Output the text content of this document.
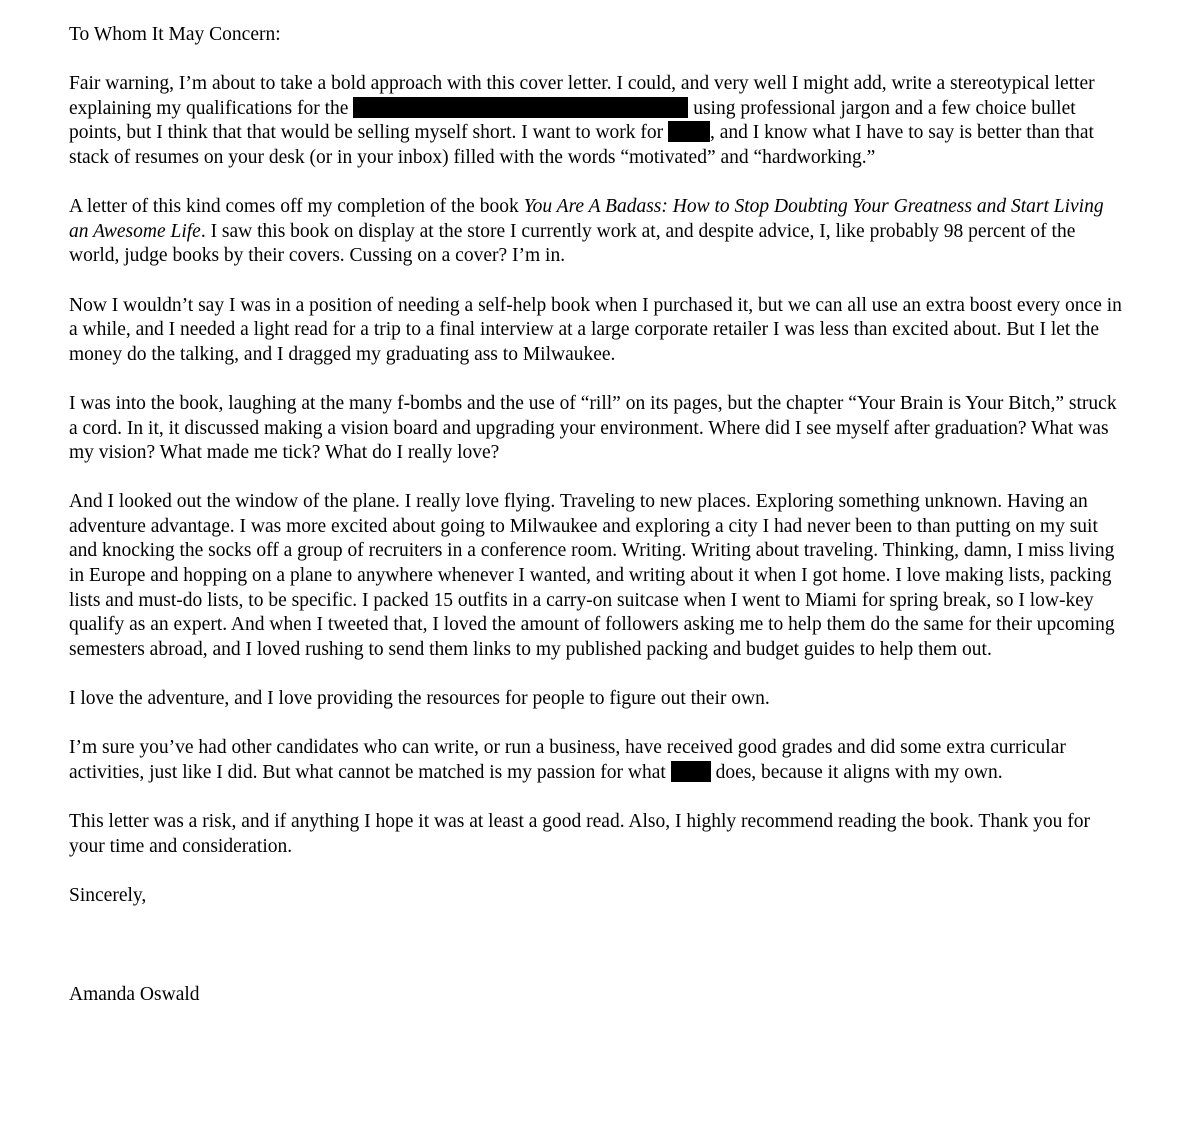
To Whom It May Concern:

Fair warning, I’m about to take a bold approach with this cover letter. I could, and very well I might add, write a stereotypical letter explaining my qualifications for the	using professional jargon and a few choice bullet points, but I think that that would be selling myself short. I want to work for , and I know what I have to say is better than that stack of resumes on your desk (or in your inbox) filled with the words “motivated” and “hardworking.”

A letter of this kind comes off my completion of the book You Are A Badass: How to Stop Doubting Your Greatness and Start Living an Awesome Life. I saw this book on display at the store I currently work at, and despite advice, I, like probably 98 percent of the world, judge books by their covers. Cussing on a cover? I’m in.

Now I wouldn’t say I was in a position of needing a self-help book when I purchased it, but we can all use an extra boost every once in a while, and I needed a light read for a trip to a final interview at a large corporate retailer I was less than excited about. But I let the money do the talking, and I dragged my graduating ass to Milwaukee.

I was into the book, laughing at the many f-bombs and the use of “rill” on its pages, but the chapter “Your Brain is Your Bitch,” struck a cord. In it, it discussed making a vision board and upgrading your environment. Where did I see myself after graduation? What was my vision? What made me tick? What do I really love?

And I looked out the window of the plane. I really love flying. Traveling to new places. Exploring something unknown. Having an adventure advantage. I was more excited about going to Milwaukee and exploring a city I had never been to than putting on my suit and knocking the socks off a group of recruiters in a conference room. Writing. Writing about traveling. Thinking, damn, I miss living in Europe and hopping on a plane to anywhere whenever I wanted, and writing about it when I got home. I love making lists, packing lists and must-do lists, to be specific. I packed 15 outfits in a carry-on suitcase when I went to Miami for spring break, so I low-key qualify as an expert. And when I tweeted that, I loved the amount of followers asking me to help them do the same for their upcoming semesters abroad, and I loved rushing to send them links to my published packing and budget guides to help them out.

I love the adventure, and I love providing the resources for people to figure out their own.

I’m sure you’ve had other candidates who can write, or run a business, have received good grades and did some extra curricular activities, just like I did. But what cannot be matched is my passion for what  does, because it aligns with my own.

This letter was a risk, and if anything I hope it was at least a good read. Also, I highly recommend reading the book. Thank you for your time and consideration.

Sincerely,

Amanda Oswald
